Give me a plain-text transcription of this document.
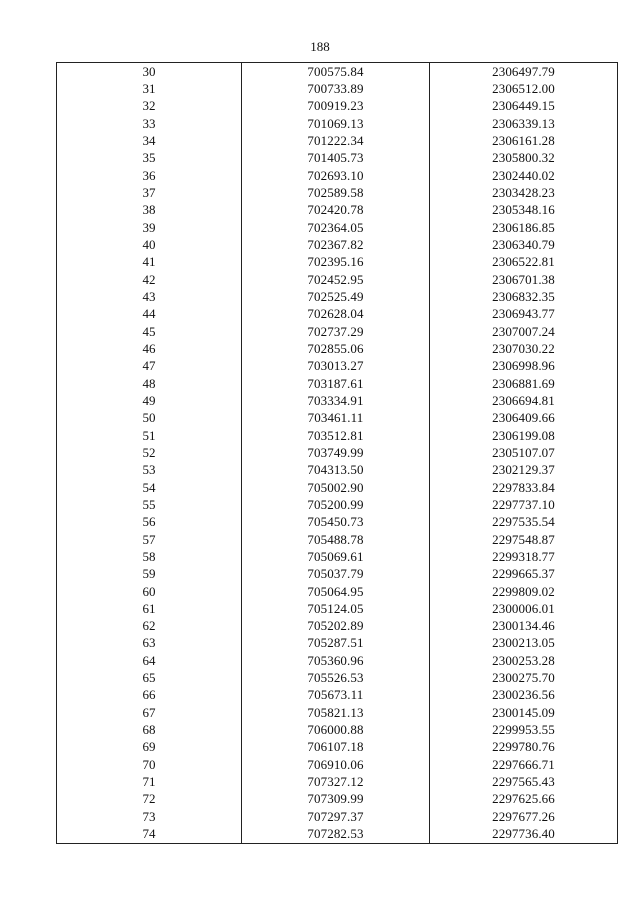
188
30	700575.84	2306497.79
31	700733.89	2306512.00
32	700919.23	2306449.15
33	701069.13	2306339.13
34	701222.34	2306161.28
35	701405.73	2305800.32
36	702693.10	2302440.02
37	702589.58	2303428.23
38	702420.78	2305348.16
39	702364.05	2306186.85
40	702367.82	2306340.79
41	702395.16	2306522.81
42	702452.95	2306701.38
43	702525.49	2306832.35
44	702628.04	2306943.77
45	702737.29	2307007.24
46	702855.06	2307030.22
47	703013.27	2306998.96
48	703187.61	2306881.69
49	703334.91	2306694.81
50	703461.11	2306409.66
51	703512.81	2306199.08
52	703749.99	2305107.07
53	704313.50	2302129.37
54	705002.90	2297833.84
55	705200.99	2297737.10
56	705450.73	2297535.54
57	705488.78	2297548.87
58	705069.61	2299318.77
59	705037.79	2299665.37
60	705064.95	2299809.02
61	705124.05	2300006.01
62	705202.89	2300134.46
63	705287.51	2300213.05
64	705360.96	2300253.28
65	705526.53	2300275.70
66	705673.11	2300236.56
67	705821.13	2300145.09
68	706000.88	2299953.55
69	706107.18	2299780.76
70	706910.06	2297666.71
71	707327.12	2297565.43
72	707309.99	2297625.66
73	707297.37	2297677.26
74	707282.53	2297736.40
